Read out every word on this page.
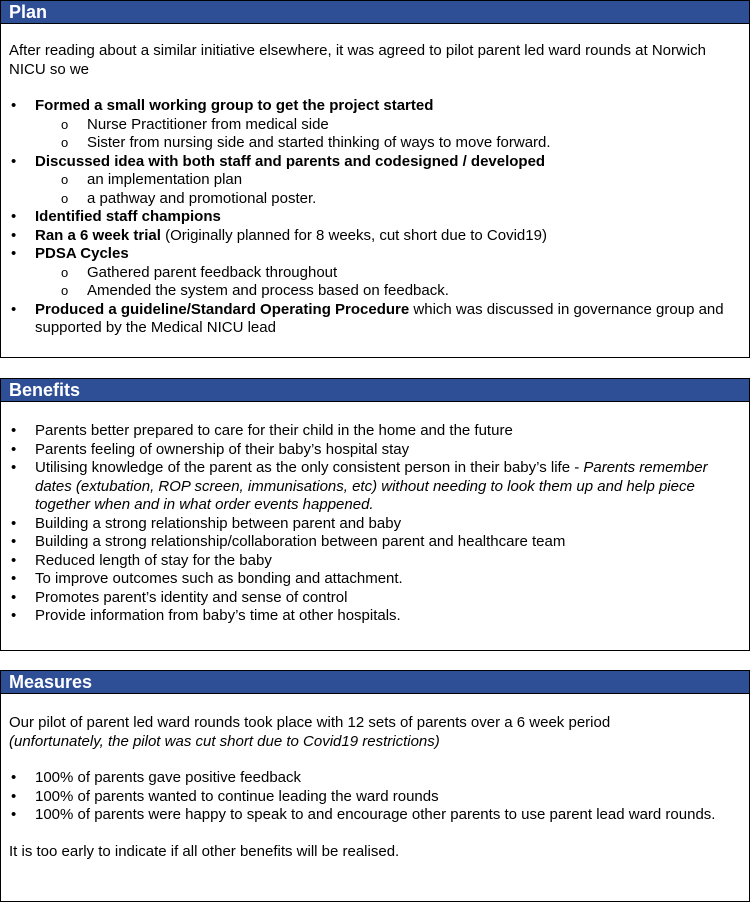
Plan
After reading about a similar initiative elsewhere, it was agreed to pilot parent led ward rounds at Norwich NICU so we
• Formed a small working group to get the project started
o Nurse Practitioner from medical side
o Sister from nursing side and started thinking of ways to move forward.
• Discussed idea with both staff and parents and codesigned / developed
o an implementation plan
o a pathway and promotional poster.
• Identified staff champions
• Ran a 6 week trial (Originally planned for 8 weeks, cut short due to Covid19)
• PDSA Cycles
o Gathered parent feedback throughout
o Amended the system and process based on feedback.
• Produced a guideline/Standard Operating Procedure which was discussed in governance group and supported by the Medical NICU lead
Benefits
• Parents better prepared to care for their child in the home and the future
• Parents feeling of ownership of their baby’s hospital stay
• Utilising knowledge of the parent as the only consistent person in their baby’s life - Parents remember dates (extubation, ROP screen, immunisations, etc) without needing to look them up and help piece together when and in what order events happened.
• Building a strong relationship between parent and baby
• Building a strong relationship/collaboration between parent and healthcare team
• Reduced length of stay for the baby
• To improve outcomes such as bonding and attachment.
• Promotes parent’s identity and sense of control
• Provide information from baby’s time at other hospitals.
Measures
Our pilot of parent led ward rounds took place with 12 sets of parents over a 6 week period
(unfortunately, the pilot was cut short due to Covid19 restrictions)
• 100% of parents gave positive feedback
• 100% of parents wanted to continue leading the ward rounds
• 100% of parents were happy to speak to and encourage other parents to use parent lead ward rounds.
It is too early to indicate if all other benefits will be realised.
